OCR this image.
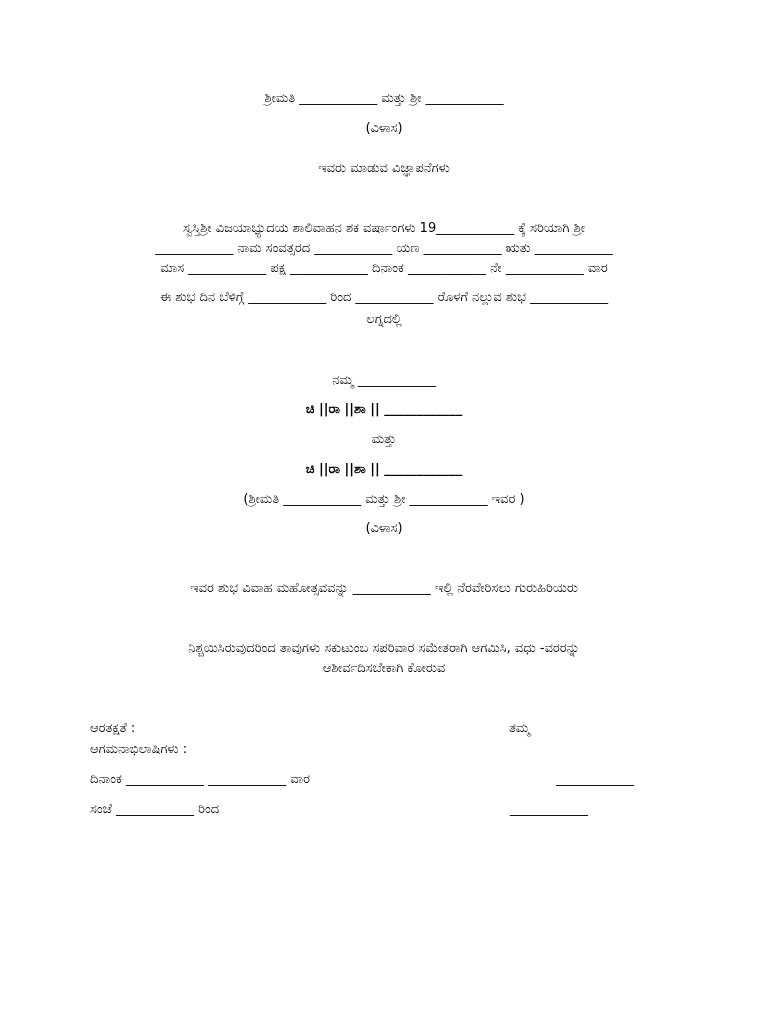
ಶ್ರೀಮತಿ ____________ ಮತ್ತು ಶ್ರೀ ____________
(ವಿಳಾಸ)
ಇವರು ಮಾಡುವ ವಿಜ್ಞಾಪನೆಗಳು
ಸ್ವಸ್ತಿಶ್ರೀ ವಿಜಯಾಭ್ಯುದಯ ಶಾಲಿವಾಹನ ಶಕ ವರ್ಷಾಂಗಳು 19____________ ಕ್ಕೆ ಸರಿಯಾಗಿ ಶ್ರೀ
____________ ನಾಮ ಸಂವತ್ಸರದ ____________ ಯಣ ____________ ಋತು ____________
ಮಾಸ ____________ ಪಕ್ಷ ____________ ದಿನಾಂಕ ____________ ನೇ ____________ ವಾರ
ಈ ಶುಭ ದಿನ ಬೆಳಿಗ್ಗೆ ____________ ರಿಂದ ____________ ರೊಳಗೆ ನಲ್ಲುವ ಶುಭ ____________
ಲಗ್ನದಲ್ಲಿ
ನಮ್ಮ ____________
ಚಿ ||ರಾ ||ಶಾ || ____________
ಮತ್ತು
ಚಿ ||ರಾ ||ಶಾ || ____________
(ಶ್ರೀಮತಿ ____________ ಮತ್ತು ಶ್ರೀ ____________ ಇವರ )
(ವಿಳಾಸ)
ಇವರ ಶುಭ ವಿವಾಹ ಮಹೋತ್ಸವವನ್ನು ____________ ಇಲ್ಲಿ ನೆರವೇರಿಸಲು ಗುರುಹಿರಿಯರು
ನಿಶ್ಚಯಿಸಿರುವುದರಿಂದ ತಾವುಗಳು ಸಕುಟುಂಬ ಸಪರಿವಾರ ಸಮೇತರಾಗಿ ಆಗಮಿಸಿ, ವಧು -ವರರನ್ನು
ಆಶೀರ್ವದಿಸಬೇಕಾಗಿ ಕೋರುವ
ಆರತಕ್ಷತೆ :	ತಮ್ಮ
ಆಗಮನಾಭಿಲಾಷಿಗಳು :
ದಿನಾಂಕ ____________ ____________ ವಾರ	____________
ಸಂಜೆ ____________ ರಿಂದ	____________
